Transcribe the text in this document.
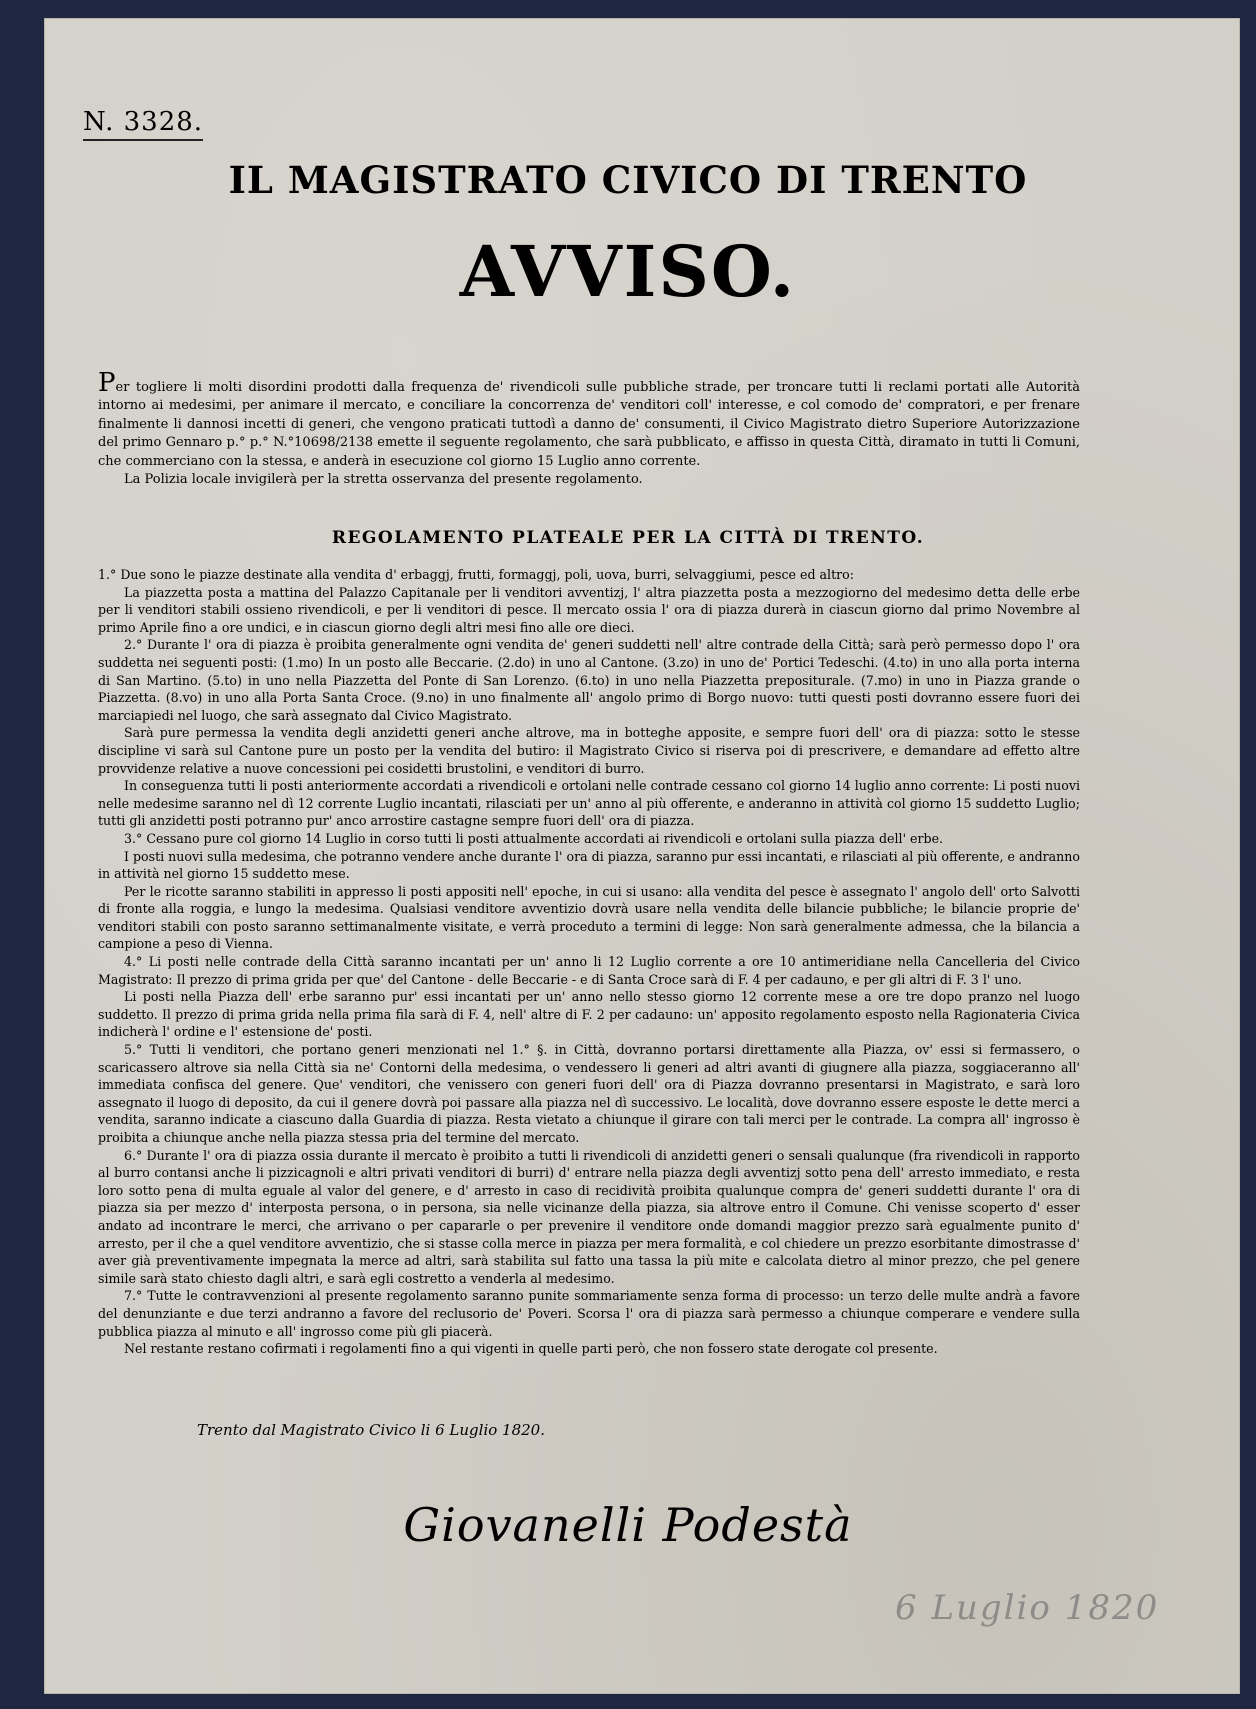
N. 3328.
IL MAGISTRATO CIVICO DI TRENTO
AVVISO.

Per togliere li molti disordini prodotti dalla frequenza de' rivendicoli sulle pubbliche strade, per troncare tutti li reclami portati alle Autorità intorno ai medesimi, per animare il mercato, e conciliare la concorrenza de' venditori coll' interesse, e col comodo de' compratori, e per frenare finalmente li dannosi incetti di generi, che vengono praticati tuttodì a danno de' consumenti, il Civico Magistrato dietro Superiore Autorizzazione del primo Gennaro p.° p.° N.°10698/2138 emette il seguente regolamento, che sarà pubblicato, e affisso in questa Città, diramato in tutti li Comuni, che commerciano con la stessa, e anderà in esecuzione col giorno 15 Luglio anno corrente.

La Polizia locale invigilerà per la stretta osservanza del presente regolamento.

REGOLAMENTO PLATEALE PER LA CITTÀ DI TRENTO.

1.° Due sono le piazze destinate alla vendita d' erbaggj, frutti, formaggj, poli, uova, burri, selvaggiumi, pesce ed altro:

La piazzetta posta a mattina del Palazzo Capitanale per li venditori avventizj, l' altra piazzetta posta a mezzogiorno del medesimo detta delle erbe per li venditori stabili ossieno rivendicoli, e per li venditori di pesce. Il mercato ossia l' ora di piazza durerà in ciascun giorno dal primo Novembre al primo Aprile fino a ore undici, e in ciascun giorno degli altri mesi fino alle ore dieci.

2.° Durante l' ora di piazza è proibita generalmente ogni vendita de' generi suddetti nell' altre contrade della Città; sarà però permesso dopo l' ora suddetta nei seguenti posti: (1.mo) In un posto alle Beccarie. (2.do) in uno al Cantone. (3.zo) in uno de' Portici Tedeschi. (4.to) in uno alla porta interna di San Martino. (5.to) in uno nella Piazzetta del Ponte di San Lorenzo. (6.to) in uno nella Piazzetta prepositurale. (7.mo) in uno in Piazza grande o Piazzetta. (8.vo) in uno alla Porta Santa Croce. (9.no) in uno finalmente all' angolo primo di Borgo nuovo: tutti questi posti dovranno essere fuori dei marciapiedi nel luogo, che sarà assegnato dal Civico Magistrato.

Sarà pure permessa la vendita degli anzidetti generi anche altrove, ma in botteghe apposite, e sempre fuori dell' ora di piazza: sotto le stesse discipline vi sarà sul Cantone pure un posto per la vendita del butiro: il Magistrato Civico si riserva poi di prescrivere, e demandare ad effetto altre provvidenze relative a nuove concessioni pei cosidetti brustolini, e venditori di burro.

In conseguenza tutti li posti anteriormente accordati a rivendicoli e ortolani nelle contrade cessano col giorno 14 luglio anno corrente: Li posti nuovi nelle medesime saranno nel dì 12 corrente Luglio incantati, rilasciati per un' anno al più offerente, e anderanno in attività col giorno 15 suddetto Luglio; tutti gli anzidetti posti potranno pur' anco arrostire castagne sempre fuori dell' ora di piazza.

3.° Cessano pure col giorno 14 Luglio in corso tutti li posti attualmente accordati ai rivendicoli e ortolani sulla piazza dell' erbe.

I posti nuovi sulla medesima, che potranno vendere anche durante l' ora di piazza, saranno pur essi incantati, e rilasciati al più offerente, e andranno in attività nel giorno 15 suddetto mese.

Per le ricotte saranno stabiliti in appresso li posti appositi nell' epoche, in cui si usano: alla vendita del pesce è assegnato l' angolo dell' orto Salvotti di fronte alla roggia, e lungo la medesima. Qualsiasi venditore avventizio dovrà usare nella vendita delle bilancie pubbliche; le bilancie proprie de' venditori stabili con posto saranno settimanalmente visitate, e verrà proceduto a termini di legge: Non sarà generalmente admessa, che la bilancia a campione a peso di Vienna.

4.° Li posti nelle contrade della Città saranno incantati per un' anno li 12 Luglio corrente a ore 10 antimeridiane nella Cancelleria del Civico Magistrato: Il prezzo di prima grida per que' del Cantone - delle Beccarie - e di Santa Croce sarà di F. 4 per cadauno, e per gli altri di F. 3 l' uno.

Li posti nella Piazza dell' erbe saranno pur' essi incantati per un' anno nello stesso giorno 12 corrente mese a ore tre dopo pranzo nel luogo suddetto. Il prezzo di prima grida nella prima fila sarà di F. 4, nell' altre di F. 2 per cadauno: un' apposito regolamento esposto nella Ragionateria Civica indicherà l' ordine e l' estensione de' posti.

5.° Tutti li venditori, che portano generi menzionati nel 1.° §. in Città, dovranno portarsi direttamente alla Piazza, ov' essi si fermassero, o scaricassero altrove sia nella Città sia ne' Contorni della medesima, o vendessero li generi ad altri avanti di giugnere alla piazza, soggiaceranno all' immediata confisca del genere. Que' venditori, che venissero con generi fuori dell' ora di Piazza dovranno presentarsi in Magistrato, e sarà loro assegnato il luogo di deposito, da cui il genere dovrà poi passare alla piazza nel dì successivo. Le località, dove dovranno essere esposte le dette merci a vendita, saranno indicate a ciascuno dalla Guardia di piazza. Resta vietato a chiunque il girare con tali merci per le contrade. La compra all' ingrosso è proibita a chiunque anche nella piazza stessa pria del termine del mercato.

6.° Durante l' ora di piazza ossia durante il mercato è proibito a tutti li rivendicoli di anzidetti generi o sensali qualunque (fra rivendicoli in rapporto al burro contansi anche li pizzicagnoli e altri privati venditori di burri) d' entrare nella piazza degli avventizj sotto pena dell' arresto immediato, e resta loro sotto pena di multa eguale al valor del genere, e d' arresto in caso di recidività proibita qualunque compra de' generi suddetti durante l' ora di piazza sia per mezzo d' interposta persona, o in persona, sia nelle vicinanze della piazza, sia altrove entro il Comune. Chi venisse scoperto d' esser andato ad incontrare le merci, che arrivano o per capararle o per prevenire il venditore onde domandi maggior prezzo sarà egualmente punito d' arresto, per il che a quel venditore avventizio, che si stasse colla merce in piazza per mera formalità, e col chiedere un prezzo esorbitante dimostrasse d' aver già preventivamente impegnata la merce ad altri, sarà stabilita sul fatto una tassa la più mite e calcolata dietro al minor prezzo, che pel genere simile sarà stato chiesto dagli altri, e sarà egli costretto a venderla al medesimo.

7.° Tutte le contravvenzioni al presente regolamento saranno punite sommariamente senza forma di processo: un terzo delle multe andrà a favore del denunziante e due terzi andranno a favore del reclusorio de' Poveri. Scorsa l' ora di piazza sarà permesso a chiunque comperare e vendere sulla pubblica piazza al minuto e all' ingrosso come più gli piacerà.

Nel restante restano cofirmati i regolamenti fino a qui vigenti in quelle parti però, che non fossero state derogate col presente.

Trento dal Magistrato Civico li 6 Luglio 1820.
Giovanelli Podestà
6 Luglio 1820
